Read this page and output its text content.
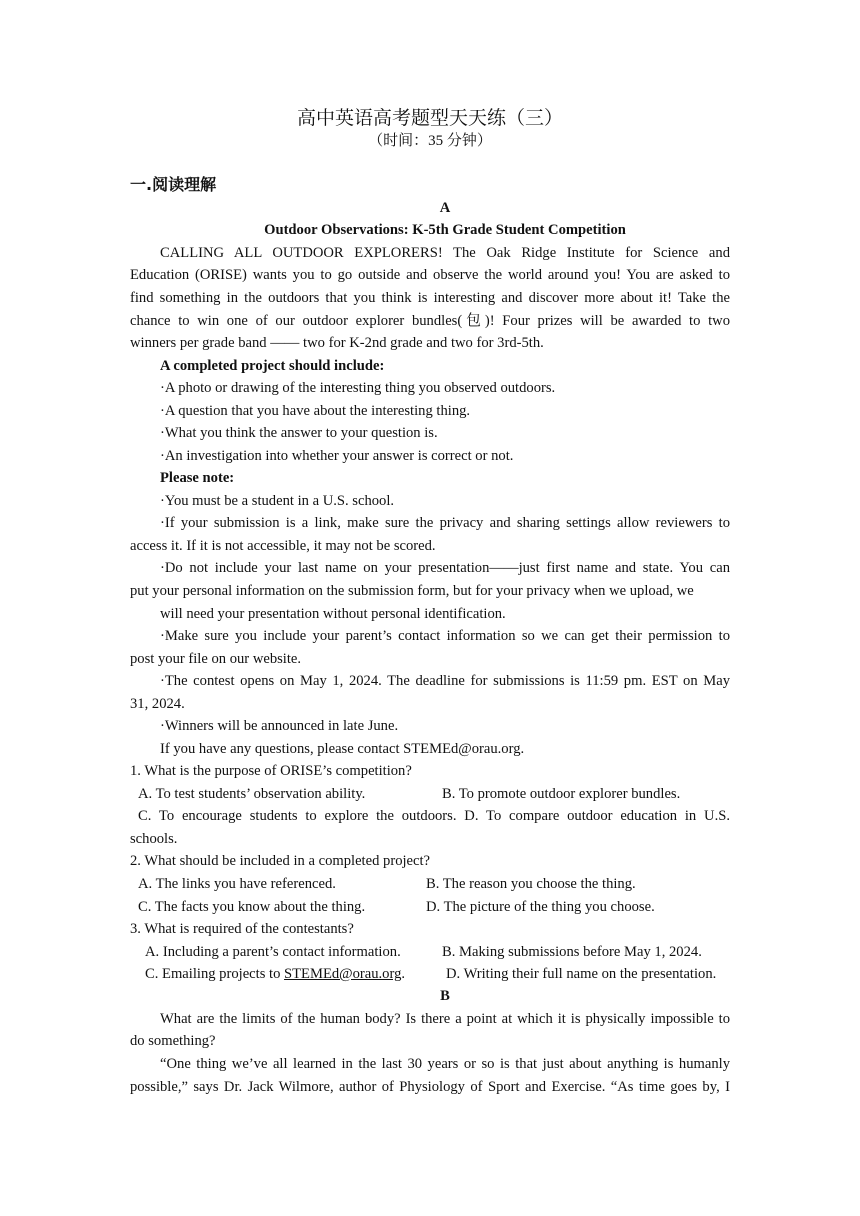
高中英语高考题型天天练（三）
（时间：35 分钟）
一.阅读理解
A
Outdoor Observations: K-5th Grade Student Competition
CALLING ALL OUTDOOR EXPLORERS! The Oak Ridge Institute for Science and
Education (ORISE) wants you to go outside and observe the world around you! You are asked to
find something in the outdoors that you think is interesting and discover more about it! Take the
chance to win one of our outdoor explorer bundles(包)! Four prizes will be awarded to two
winners per grade band —— two for K-2nd grade and two for 3rd-5th.
A completed project should include:
·A photo or drawing of the interesting thing you observed outdoors.
·A question that you have about the interesting thing.
·What you think the answer to your question is.
·An investigation into whether your answer is correct or not.
Please note:
·You must be a student in a U.S. school.
·If your submission is a link, make sure the privacy and sharing settings allow reviewers to
access it. If it is not accessible, it may not be scored.
·Do not include your last name on your presentation——just first name and state. You can
put your personal information on the submission form, but for your privacy when we upload, we
will need your presentation without personal identification.
·Make sure you include your parent’s contact information so we can get their permission to
post your file on our website.
·The contest opens on May 1, 2024. The deadline for submissions is 11:59 pm. EST on May
31, 2024.
·Winners will be announced in late June.
If you have any questions, please contact STEMEd@orau.org.
1. What is the purpose of ORISE’s competition?
A. To test students’ observation ability.	B. To promote outdoor explorer bundles.
C. To encourage students to explore the outdoors. D. To compare outdoor education in U.S.
schools.
2. What should be included in a completed project?
A. The links you have referenced.	B. The reason you choose the thing.
C. The facts you know about the thing.	D. The picture of the thing you choose.
3. What is required of the contestants?
A. Including a parent’s contact information.	B. Making submissions before May 1, 2024.
C. Emailing projects to STEMEd@orau.org.	D. Writing their full name on the presentation.
B
What are the limits of the human body? Is there a point at which it is physically impossible to
do something?
“One thing we’ve all learned in the last 30 years or so is that just about anything is humanly
possible,” says Dr. Jack Wilmore, author of Physiology of Sport and Exercise. “As time goes by, I
